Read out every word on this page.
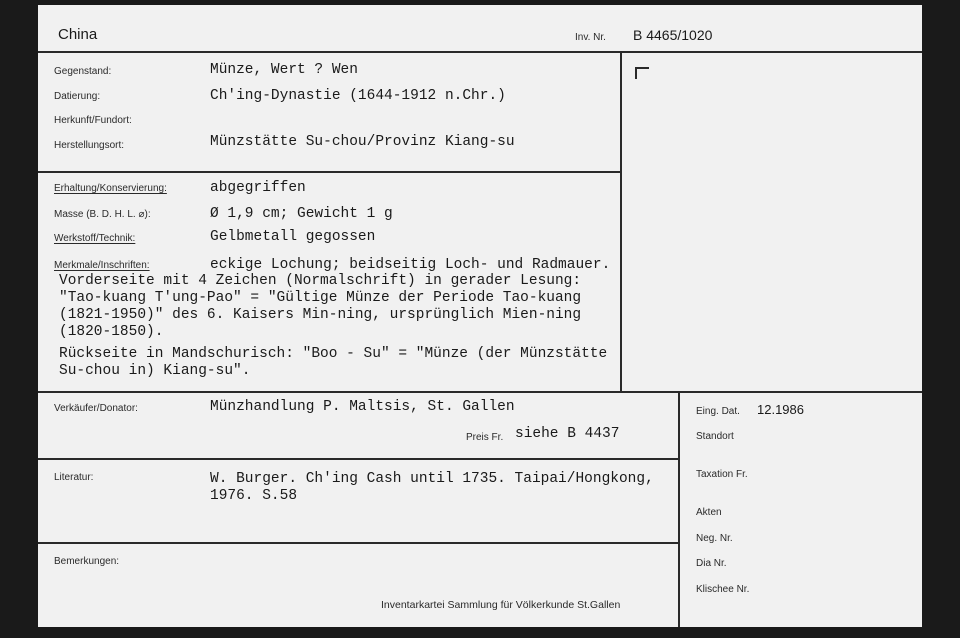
China	Inv. Nr. B 4465/1020
Gegenstand:	Münze, Wert ? Wen
Datierung:	Ch'ing-Dynastie (1644-1912 n.Chr.)
Herkunft/Fundort:
Herstellungsort:	Münzstätte Su-chou/Provinz Kiang-su
Erhaltung/Konservierung:	abgegriffen
Masse (B. D. H. L. ⌀):	Ø 1,9 cm; Gewicht 1 g
Werkstoff/Technik:	Gelbmetall gegossen
Merkmale/Inschriften:	eckige Lochung; beidseitig Loch- und Radmauer.
Vorderseite mit 4 Zeichen (Normalschrift) in gerader Lesung:
"Tao-kuang T'ung-Pao" = "Gültige Münze der Periode Tao-kuang
(1821-1950)" des 6. Kaisers Min-ning, ursprünglich Mien-ning
(1820-1850).
Rückseite in Mandschurisch: "Boo - Su" = "Münze (der Münzstätte
Su-chou in) Kiang-su".
Verkäufer/Donator:	Münzhandlung P. Maltsis, St. Gallen
Preis Fr. siehe B 4437
Literatur:	W. Burger. Ch'ing Cash until 1735. Taipai/Hongkong,
1976. S.58
Bemerkungen:
Inventarkartei Sammlung für Völkerkunde St.Gallen
Eing. Dat. 12.1986
Standort
Taxation Fr.
Akten
Neg. Nr.
Dia Nr.
Klischee Nr.
